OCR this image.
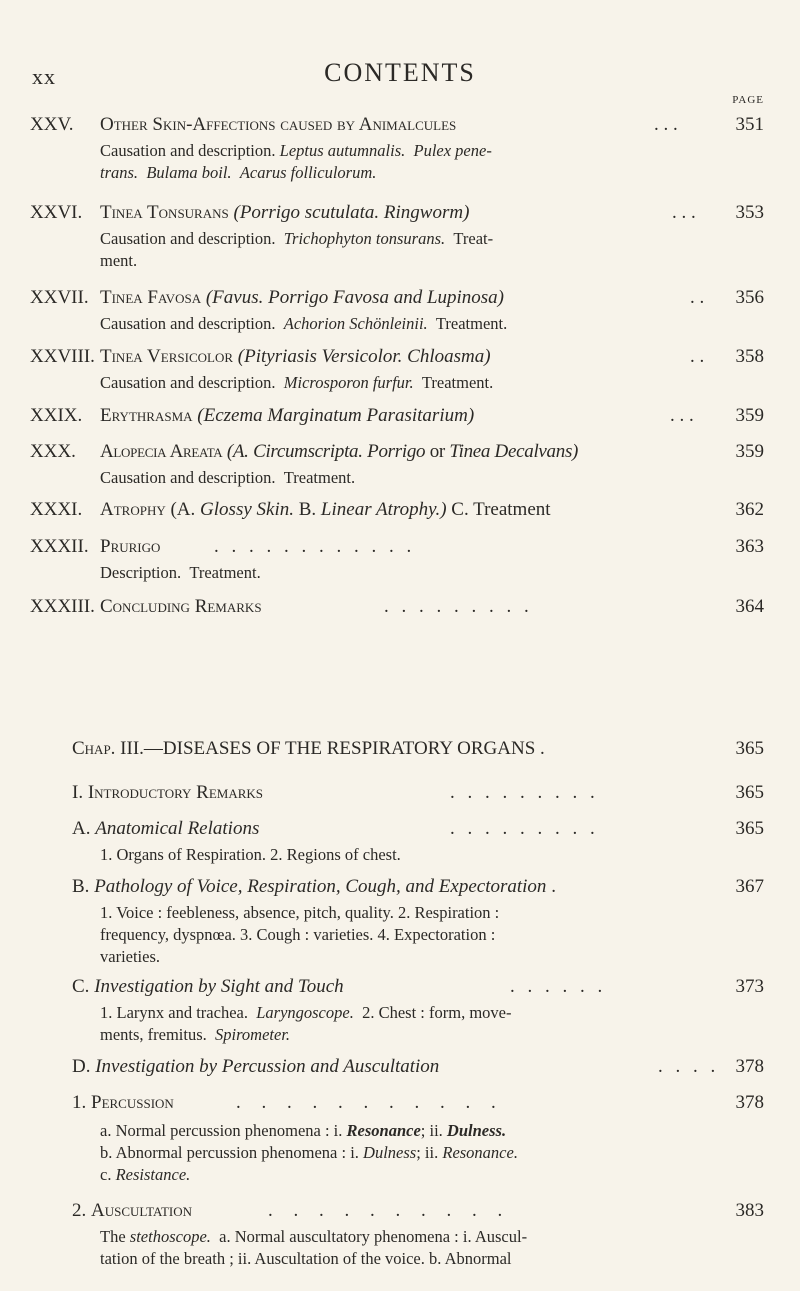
xx	CONTENTS
PAGE
XXV. Other Skin-Affections caused by Animalcules	. . .	351
Causation and description. Leptus autumnalis. Pulex pene-
trans. Bulama boil. Acarus folliculorum.
XXVI. Tinea Tonsurans (Porrigo scutulata. Ringworm)	. . . 353
Causation and description. Trichophyton tonsurans. Treat-
ment.
XXVII. Tinea Favosa (Favus. Porrigo Favosa and Lupinosa)	. . 356
Causation and description. Achorion Schönleinii. Treatment.
XXVIII. Tinea Versicolor (Pityriasis Versicolor. Chloasma)	. . 358
Causation and description. Microsporon furfur. Treatment.
XXIX. Erythrasma (Eczema Marginatum Parasitarium)	. . . 359
XXX. Alopecia Areata (A. Circumscripta. Porrigo or Tinea Decalvans)	359
Causation and description. Treatment.
XXXI. Atrophy (A. Glossy Skin. B. Linear Atrophy.) C. Treatment	362
XXXII. Prurigo	. . . . . . . . . . . .	363
Description. Treatment.
XXXIII. Concluding Remarks	. . . . . . . . .	364
Chap. III.—DISEASES OF THE RESPIRATORY ORGANS .	365
I. Introductory Remarks	. . . . . . . . .	365
A. Anatomical Relations	. . . . . . . . .	365
1. Organs of Respiration. 2. Regions of chest.
B. Pathology of Voice, Respiration, Cough, and Expectoration .	367
1. Voice : feebleness, absence, pitch, quality. 2. Respiration :
frequency, dyspnœa. 3. Cough : varieties. 4. Expectoration :
varieties.
C. Investigation by Sight and Touch	. . . . . .	373
1. Larynx and trachea. Laryngoscope. 2. Chest : form, move-
ments, fremitus. Spirometer.
D. Investigation by Percussion and Auscultation	. . . . 378
1. Percussion	. . . . . . . . . . .	378
a. Normal percussion phenomena : i. Resonance; ii. Dulness.
b. Abnormal percussion phenomena : i. Dulness; ii. Resonance.
c. Resistance.
2. Auscultation	. . . . . . . . . .	383
The stethoscope. a. Normal auscultatory phenomena : i. Auscul-
tation of the breath ; ii. Auscultation of the voice. b. Abnormal
